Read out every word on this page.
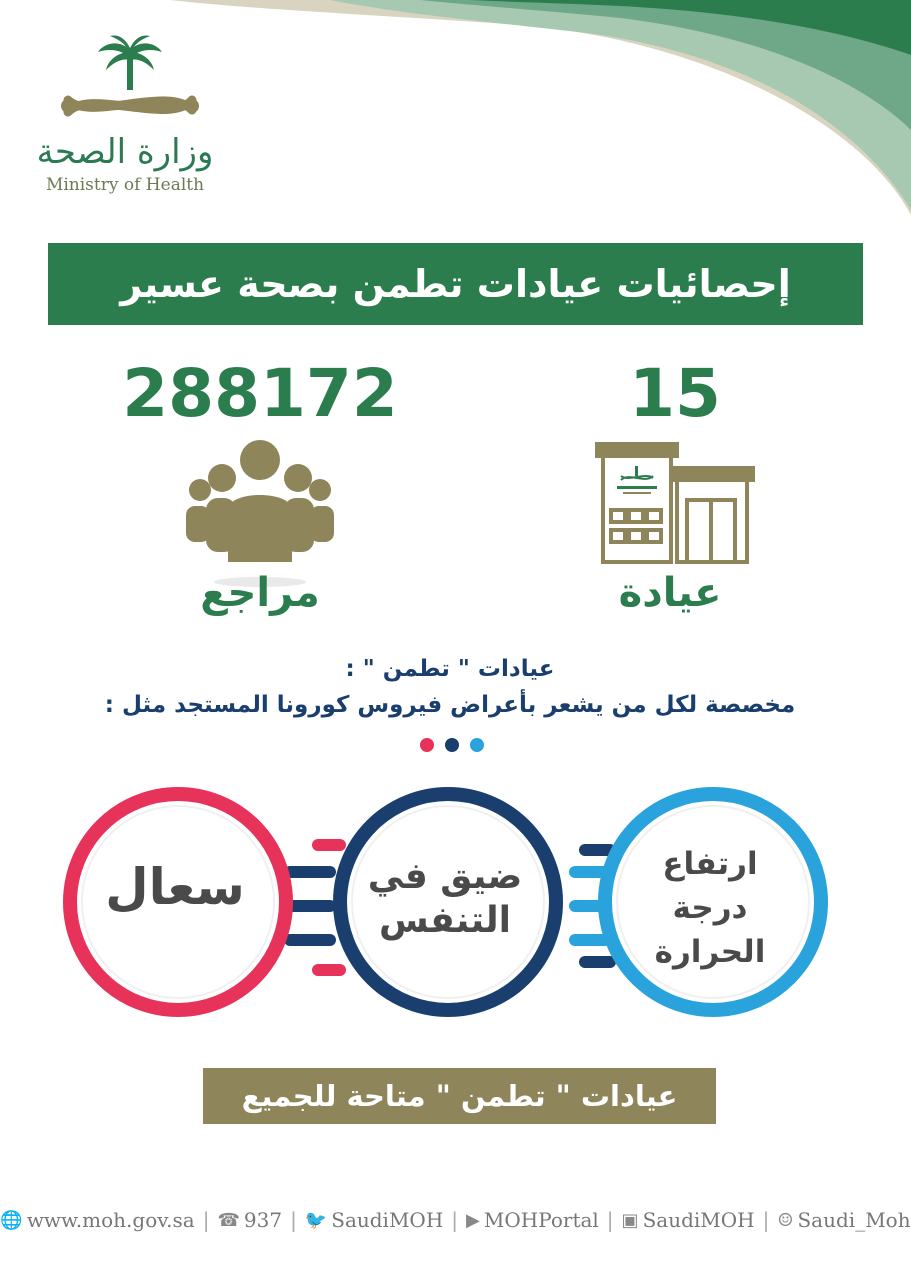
وزارة الصحة
Ministry of Health
إحصائيات عيادات تطمن بصحة عسير
288172	15
مراجع	عيادة
عيادات " تطمن " :
مخصصة لكل من يشعر بأعراض فيروس كورونا المستجد مثل :
سعال	ضيق في
التنفس
ارتفاع
درجة
الحرارة
عيادات " تطمن " متاحة للجميع
🌐 www.moh.gov.sa | ☎ 937 | 🐦 SaudiMOH | ▶ MOHPortal | ▣ SaudiMOH | ☺ Saudi_Moh
